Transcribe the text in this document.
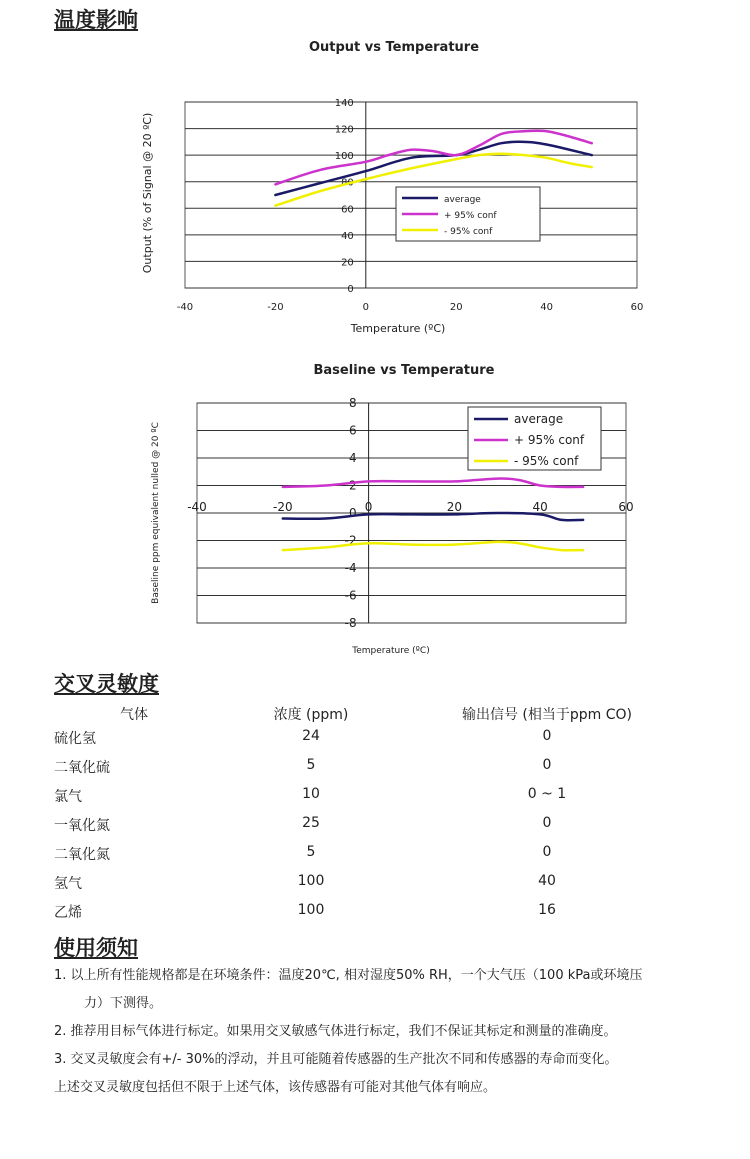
温度影响
Output vs Temperature
0
20
40
60
80
100
120
140
-40	-20	0	20	40	60
Temperature (ºC)
Output (% of Signal @ 20 ºC)	average
+ 95% conf
- 95% conf
Baseline vs Temperature
-8
-6
-4
-2
0
2
4
6
8
-40	-20	0	20	40	60
Temperature (ºC)
Baseline ppm equivalent nulled @ 20 ºC
average
+ 95% conf
- 95% conf
交叉灵敏度
气体	浓度 (ppm)	输出信号 (相当于ppm CO)
硫化氢	24	0
二氧化硫	5	0
氯气	10	0 ~ 1
一氧化氮	25	0
二氧化氮	5	0
氢气	100	40
乙烯	100	16
使用须知

1. 以上所有性能规格都是在环境条件：温度20℃, 相对湿度50% RH，一个大气压（100 kPa或环境压

力）下测得。

2. 推荐用目标气体进行标定。如果用交叉敏感气体进行标定，我们不保证其标定和测量的准确度。

3. 交叉灵敏度会有+/- 30%的浮动，并且可能随着传感器的生产批次不同和传感器的寿命而变化。

上述交叉灵敏度包括但不限于上述气体，该传感器有可能对其他气体有响应。
